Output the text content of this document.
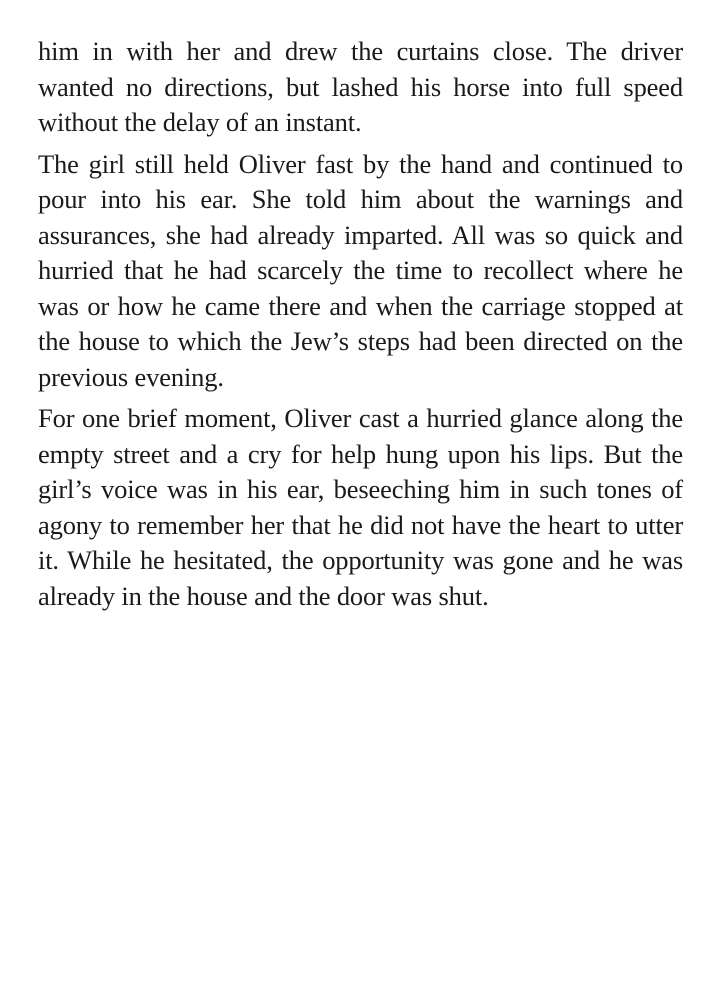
him in with her and drew the curtains close. The driver wanted no directions, but lashed his horse into full speed without the delay of an instant.

The girl still held Oliver fast by the hand and continued to pour into his ear. She told him about the warnings and assurances, she had already imparted. All was so quick and hurried that he had scarcely the time to recollect where he was or how he came there and when the carriage stopped at the house to which the Jew’s steps had been directed on the previous evening.

For one brief moment, Oliver cast a hurried glance along the empty street and a cry for help hung upon his lips. But the girl’s voice was in his ear, beseeching him in such tones of agony to remember her that he did not have the heart to utter it. While he hesitated, the opportunity was gone and he was already in the house and the door was shut.
